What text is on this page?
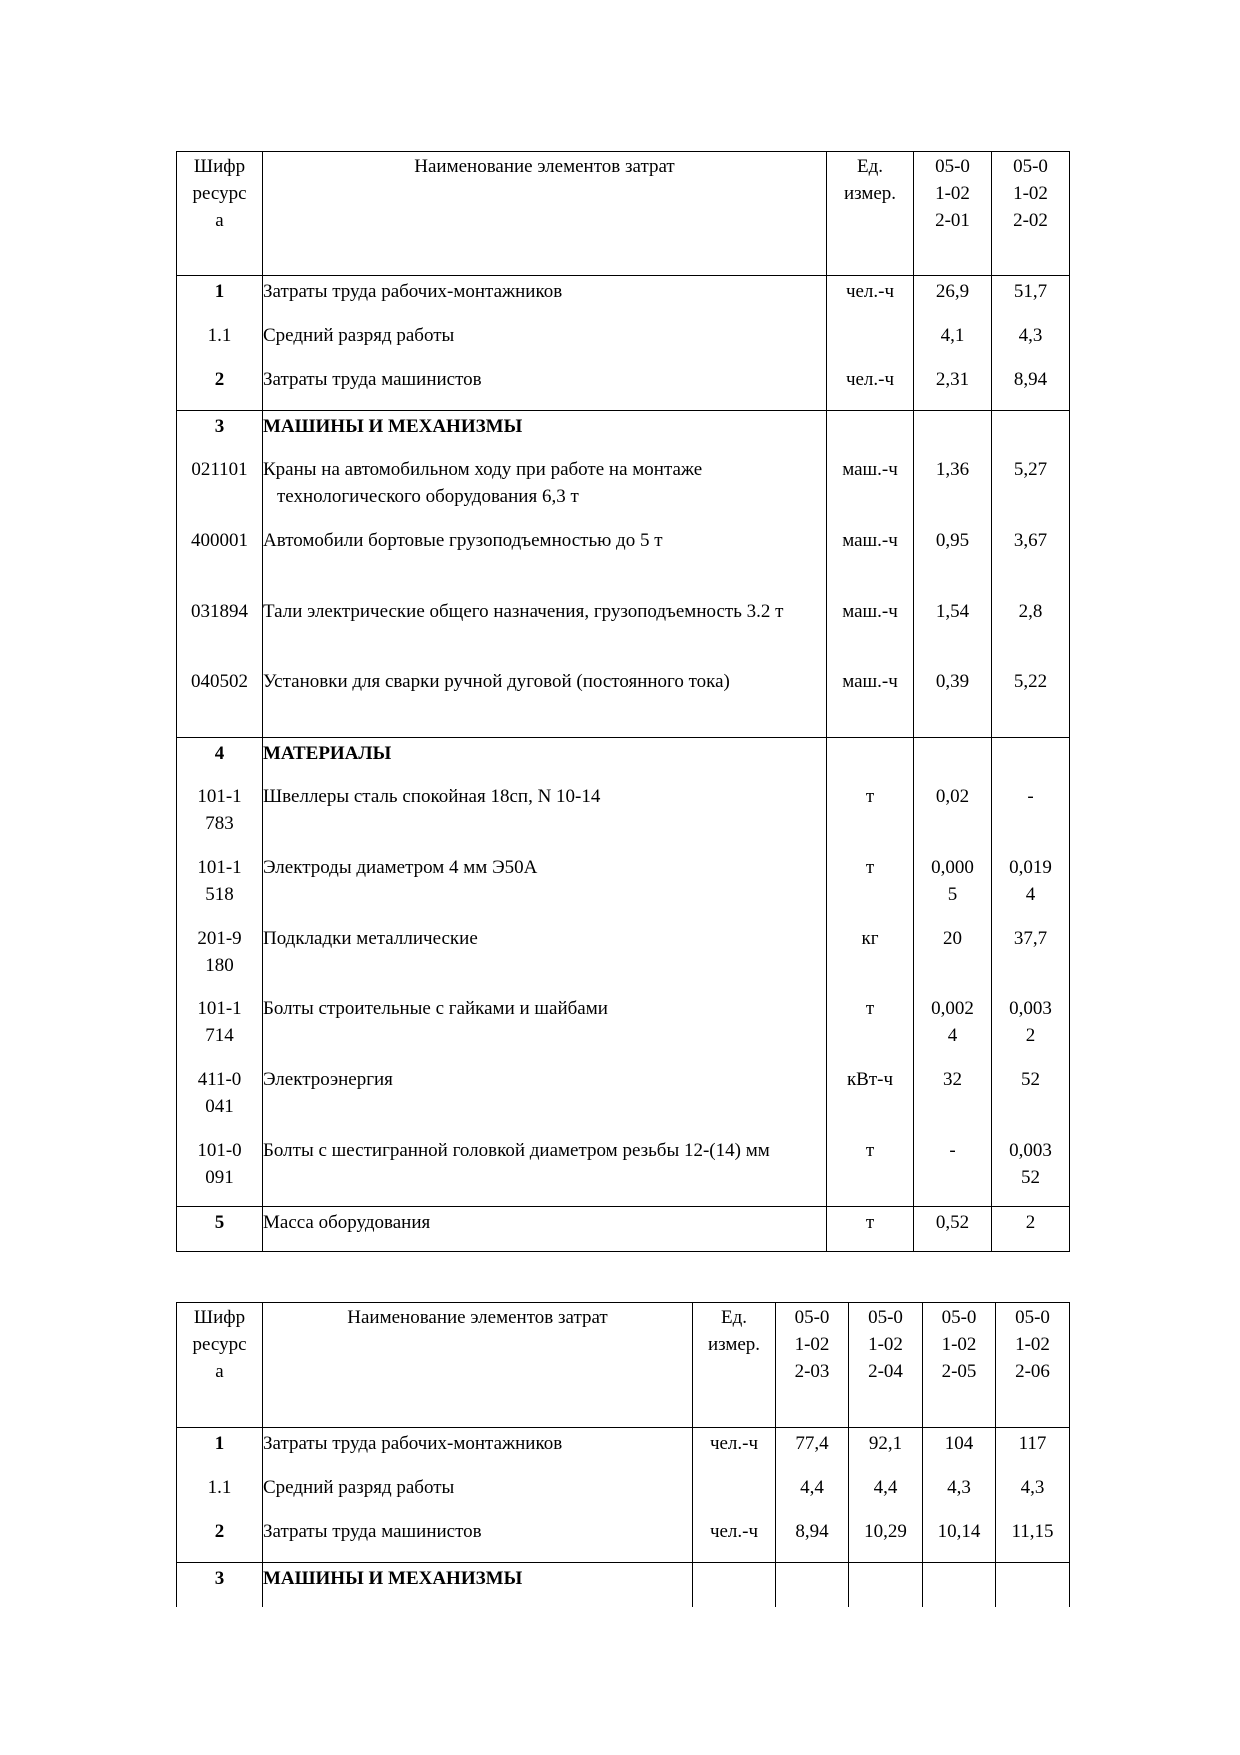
Шифр ресурса	Наименование элементов затрат	Ед. измер.	05-01-022-01	05-01-022-02

1	Затраты труда рабочих-монтажников	чел.-ч	26,9	51,7

1.1	Средний разряд работы		4,1	4,3

2	Затраты труда машинистов	чел.-ч	2,31	8,94

3	МАШИНЫ И МЕХАНИЗМЫ			

021101	Краны на автомобильном ходу при работе на монтаже технологического оборудования 6,3 т	маш.-ч	1,36	5,27

400001	Автомобили бортовые грузоподъемностью до 5 т	маш.-ч	0,95	3,67

031894	Тали электрические общего назначения, грузоподъемность 3.2 т	маш.-ч	1,54	2,8

040502	Установки для сварки ручной дуговой (постоянного тока)	маш.-ч	0,39	5,22

4	МАТЕРИАЛЫ			

101-1783	Швеллеры сталь спокойная 18сп, N 10-14	т	0,02	-

101-1518	Электроды диаметром 4 мм Э50А	т	0,0005	0,0194

201-9180	Подкладки металлические	кг	20	37,7

101-1714	Болты строительные с гайками и шайбами	т	0,0024	0,0032

411-0041	Электроэнергия	кВт-ч	32	52

101-0091	Болты с шестигранной головкой диаметром резьбы 12-(14) мм	т	-	0,00352

5	Масса оборудования	т	0,52	2
Шифр ресурса	Наименование элементов затрат	Ед. измер.	05-01-022-03	05-01-022-04	05-01-022-05	05-01-022-06

1	Затраты труда рабочих-монтажников	чел.-ч	77,4	92,1	104	117

1.1	Средний разряд работы		4,4	4,4	4,3	4,3

2	Затраты труда машинистов	чел.-ч	8,94	10,29	10,14	11,15

3	МАШИНЫ И МЕХАНИЗМЫ					
